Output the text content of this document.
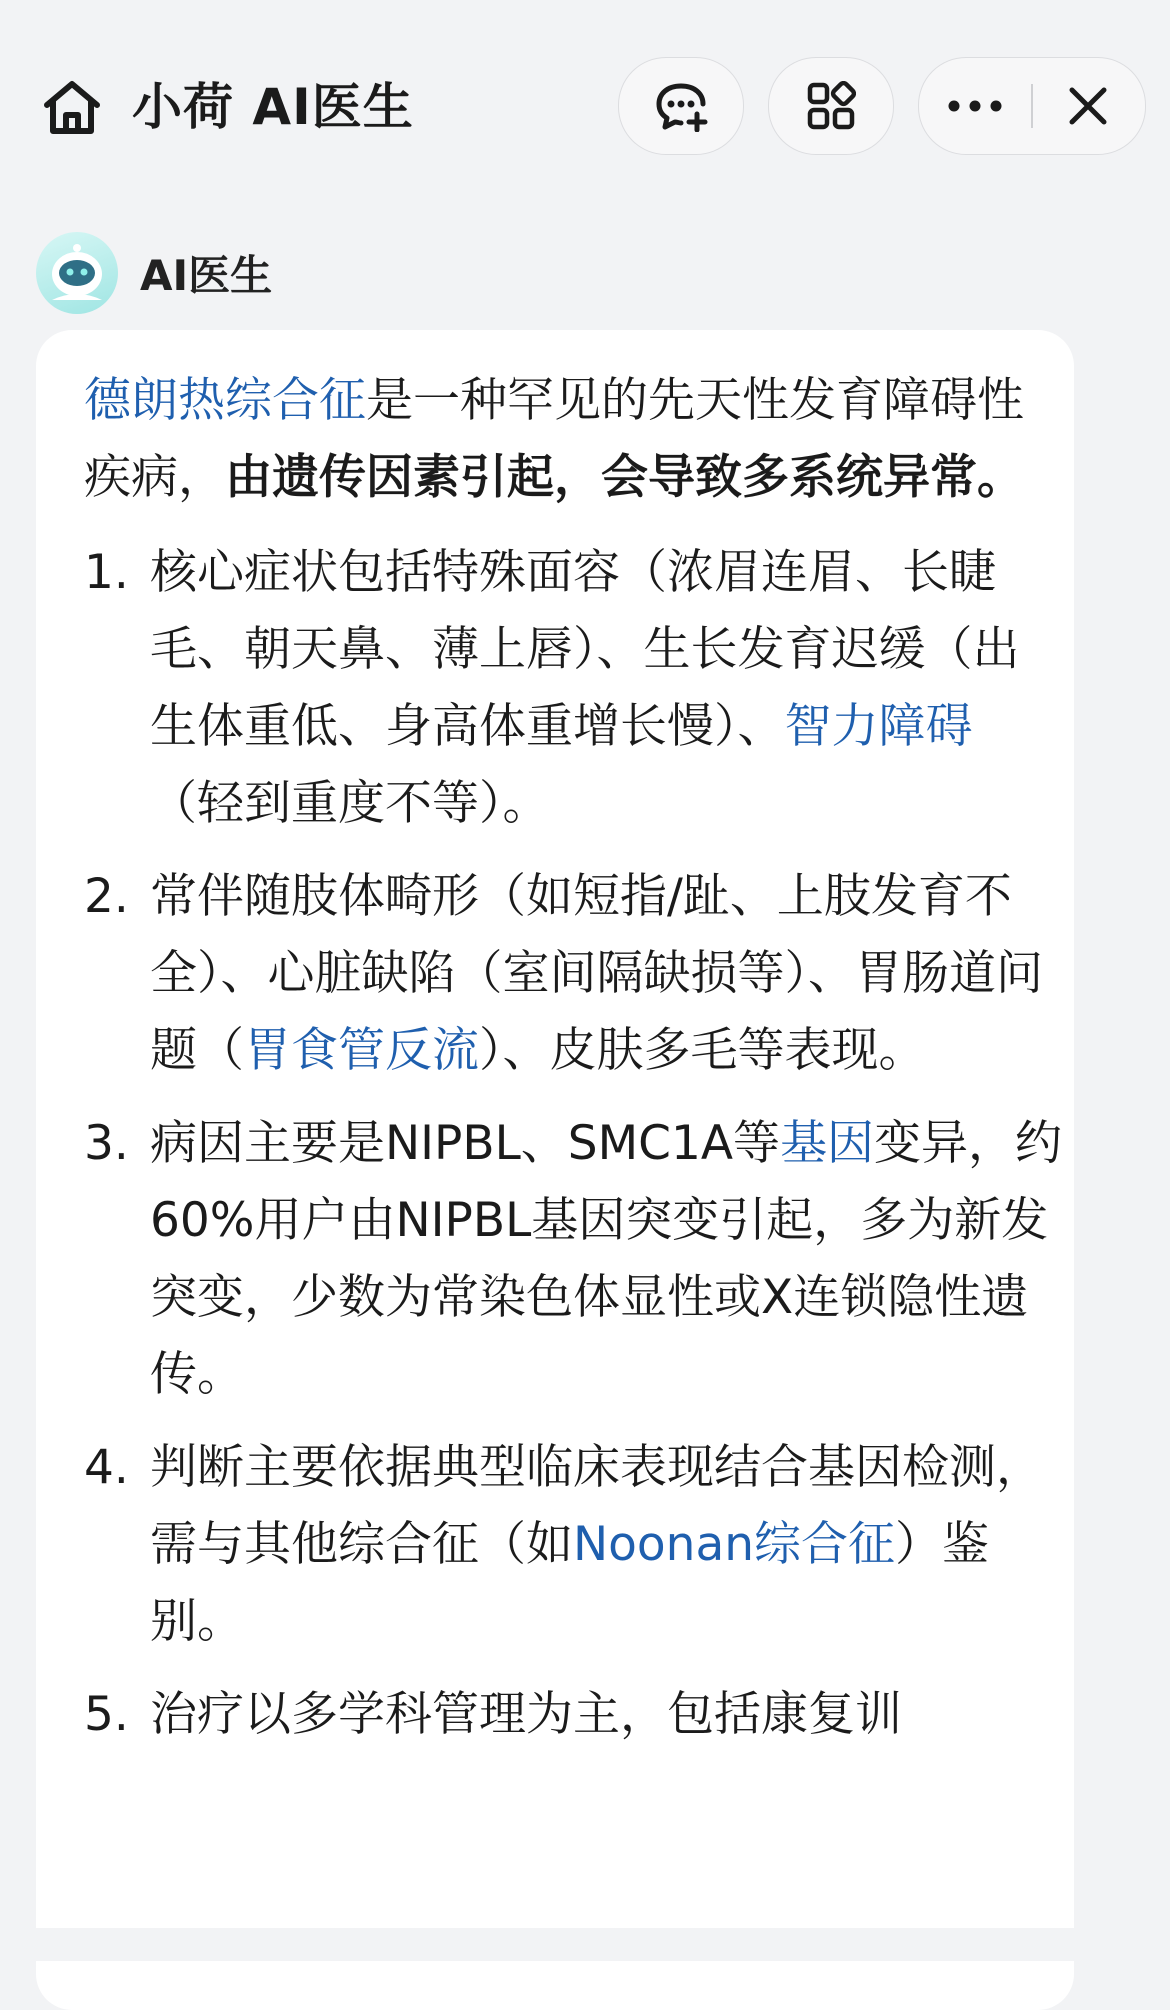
小荷 AI医生
AI医生

德朗热综合征是一种罕见的先天性发育障碍性疾病，由遗传因素引起，会导致多系统异常。

1. 核心症状包括特殊面容（浓眉连眉、长睫毛、朝天鼻、薄上唇）、生长发育迟缓（出生体重低、身高体重增长慢）、智力障碍（轻到重度不等）。
2. 常伴随肢体畸形（如短指/趾、上肢发育不全）、心脏缺陷（室间隔缺损等）、胃肠道问题（胃食管反流）、皮肤多毛等表现。
3. 病因主要是NIPBL、SMC1A等基因变异，约60%用户由NIPBL基因突变引起，多为新发突变，少数为常染色体显性或X连锁隐性遗传。
4. 判断主要依据典型临床表现结合基因检测，需与其他综合征（如Noonan综合征）鉴别。
5. 治疗以多学科管理为主，包括康复训
